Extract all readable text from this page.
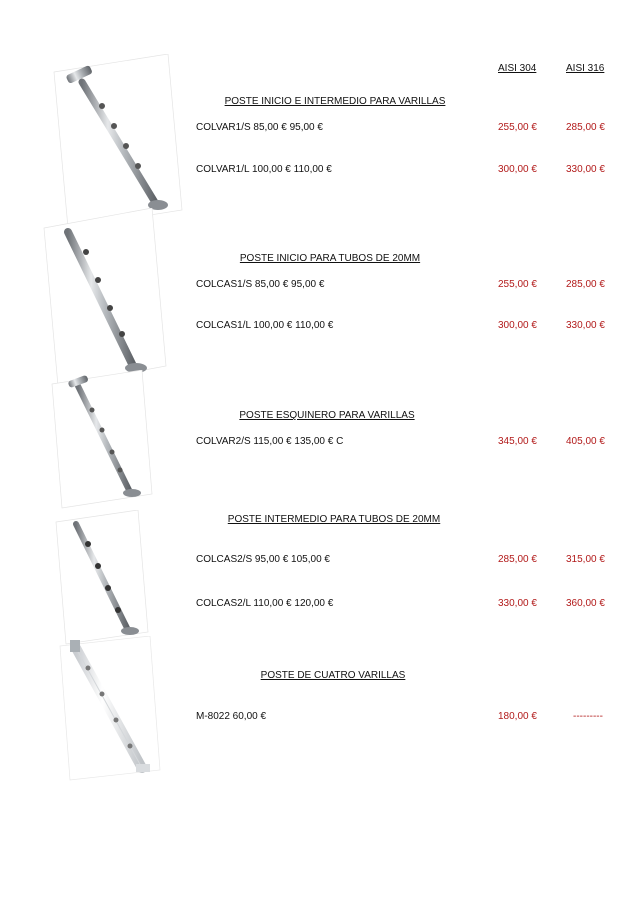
AISI 304	AISI 316
POSTE INICIO E INTERMEDIO PARA VARILLAS
COLVAR1/S 85,00 € 95,00 €	255,00 €	285,00 €
COLVAR1/L 100,00 € 110,00 €	300,00 €	330,00 €
POSTE INICIO PARA TUBOS DE 20MM
COLCAS1/S 85,00 € 95,00 €	255,00 €	285,00 €
COLCAS1/L 100,00 € 110,00 €	300,00 €	330,00 €
POSTE ESQUINERO PARA VARILLAS
COLVAR2/S 115,00 € 135,00 € C	345,00 €	405,00 €
POSTE INTERMEDIO PARA TUBOS DE 20MM
COLCAS2/S 95,00 € 105,00 €	285,00 €	315,00 €
COLCAS2/L 110,00 € 120,00 €	330,00 €	360,00 €
POSTE DE CUATRO VARILLAS
M-8022 60,00 €	180,00 €	---------
